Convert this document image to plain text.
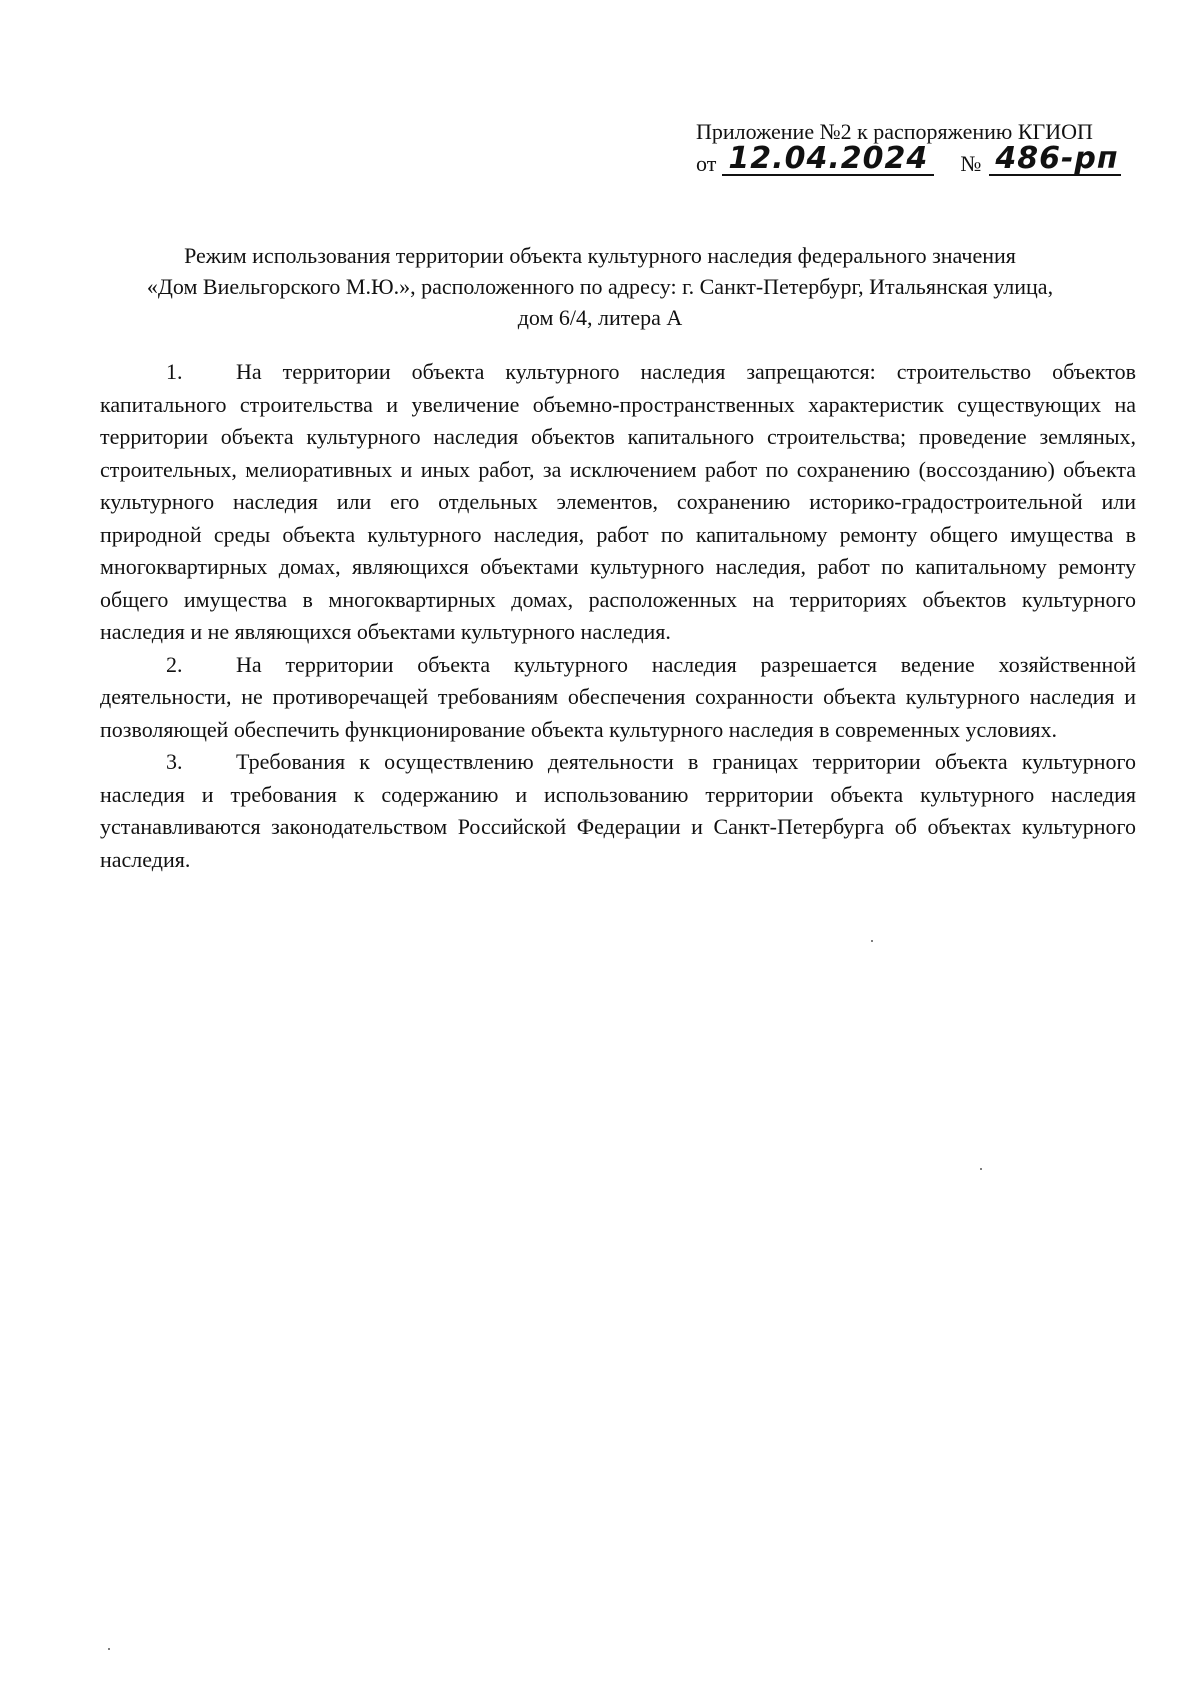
Приложение №2 к распоряжению КГИОП
от 12.04.2024 № 486-рп
Режим использования территории объекта культурного наследия федерального значения
«Дом Виельгорского М.Ю.», расположенного по адресу: г. Санкт-Петербург, Итальянская улица,
дом 6/4, литера А

1. На территории объекта культурного наследия запрещаются: строительство объектов капитального строительства и увеличение объемно-пространственных характеристик существующих на территории объекта культурного наследия объектов капитального строительства; проведение земляных, строительных, мелиоративных и иных работ, за исключением работ по сохранению (воссозданию) объекта культурного наследия или его отдельных элементов, сохранению историко-градостроительной или природной среды объекта культурного наследия, работ по капитальному ремонту общего имущества в многоквартирных домах, являющихся объектами культурного наследия, работ по капитальному ремонту общего имущества в многоквартирных домах, расположенных на территориях объектов культурного наследия и не являющихся объектами культурного наследия.

2. На территории объекта культурного наследия разрешается ведение хозяйственной деятельности, не противоречащей требованиям обеспечения сохранности объекта культурного наследия и позволяющей обеспечить функционирование объекта культурного наследия в современных условиях.

3. Требования к осуществлению деятельности в границах территории объекта культурного наследия и требования к содержанию и использованию территории объекта культурного наследия устанавливаются законодательством Российской Федерации и Санкт-Петербурга об объектах культурного наследия.
